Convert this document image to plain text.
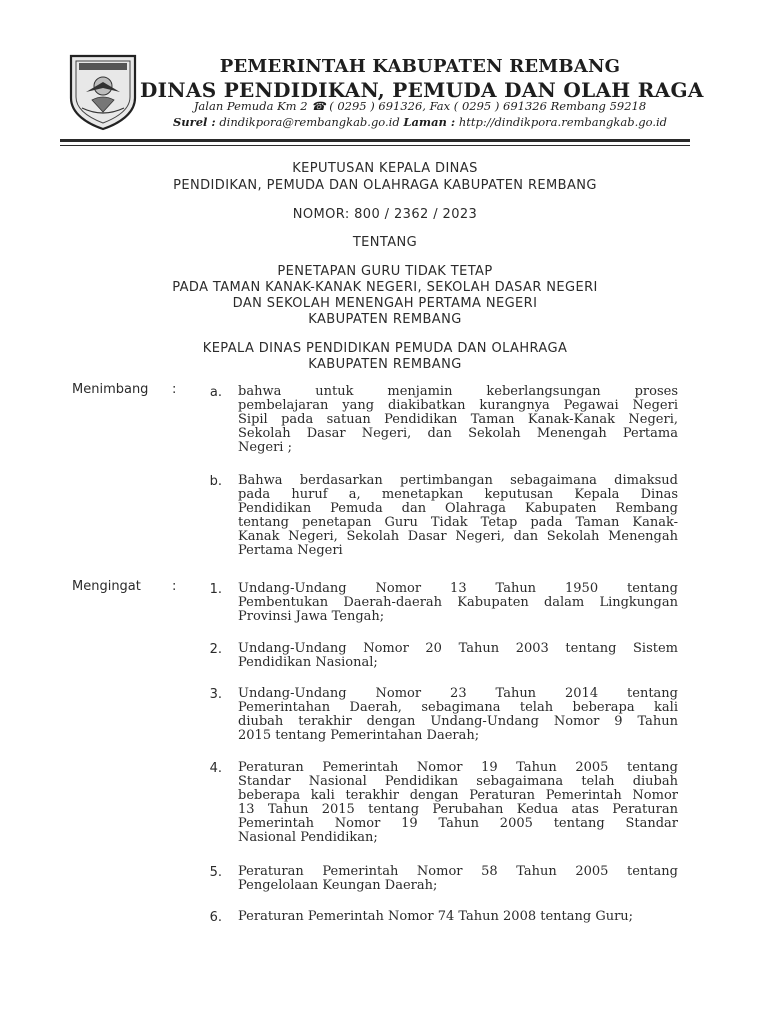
PEMERINTAH KABUPATEN REMBANG
DINAS PENDIDIKAN, PEMUDA DAN OLAH RAGA
Jalan Pemuda Km 2 ☎ ( 0295 ) 691326, Fax ( 0295 ) 691326 Rembang 59218
Surel : dindikpora@rembangkab.go.id Laman : http://dindikpora.rembangkab.go.id
KEPUTUSAN KEPALA DINAS
PENDIDIKAN, PEMUDA DAN OLAHRAGA KABUPATEN REMBANG
NOMOR: 800 / 2362 / 2023
TENTANG
PENETAPAN GURU TIDAK TETAP
PADA TAMAN KANAK-KANAK NEGERI, SEKOLAH DASAR NEGERI
DAN SEKOLAH MENENGAH PERTAMA NEGERI
KABUPATEN REMBANG
KEPALA DINAS PENDIDIKAN PEMUDA DAN OLAHRAGA
KABUPATEN REMBANG
Menimbang :	a. bahwa untuk menjamin keberlangsungan proses
pembelajaran yang diakibatkan kurangnya Pegawai Negeri
Sipil pada satuan Pendidikan Taman Kanak-Kanak Negeri,
Sekolah Dasar Negeri, dan Sekolah Menengah Pertama
Negeri ;
b. Bahwa berdasarkan pertimbangan sebagaimana dimaksud
pada huruf a, menetapkan keputusan Kepala Dinas
Pendidikan Pemuda dan Olahraga Kabupaten Rembang
tentang penetapan Guru Tidak Tetap pada Taman Kanak-
Kanak Negeri, Sekolah Dasar Negeri, dan Sekolah Menengah
Pertama Negeri
Mengingat :	1. Undang-Undang Nomor 13 Tahun 1950 tentang
Pembentukan Daerah-daerah Kabupaten dalam Lingkungan
Provinsi Jawa Tengah;
2. Undang-Undang Nomor 20 Tahun 2003 tentang Sistem
Pendidikan Nasional;
3. Undang-Undang Nomor 23 Tahun 2014 tentang
Pemerintahan Daerah, sebagimana telah beberapa kali
diubah terakhir dengan Undang-Undang Nomor 9 Tahun
2015 tentang Pemerintahan Daerah;
4. Peraturan Pemerintah Nomor 19 Tahun 2005 tentang
Standar Nasional Pendidikan sebagaimana telah diubah
beberapa kali terakhir dengan Peraturan Pemerintah Nomor
13 Tahun 2015 tentang Perubahan Kedua atas Peraturan
Pemerintah Nomor 19 Tahun 2005 tentang Standar
Nasional Pendidikan;
5. Peraturan Pemerintah Nomor 58 Tahun 2005 tentang
Pengelolaan Keungan Daerah;
6. Peraturan Pemerintah Nomor 74 Tahun 2008 tentang Guru;
